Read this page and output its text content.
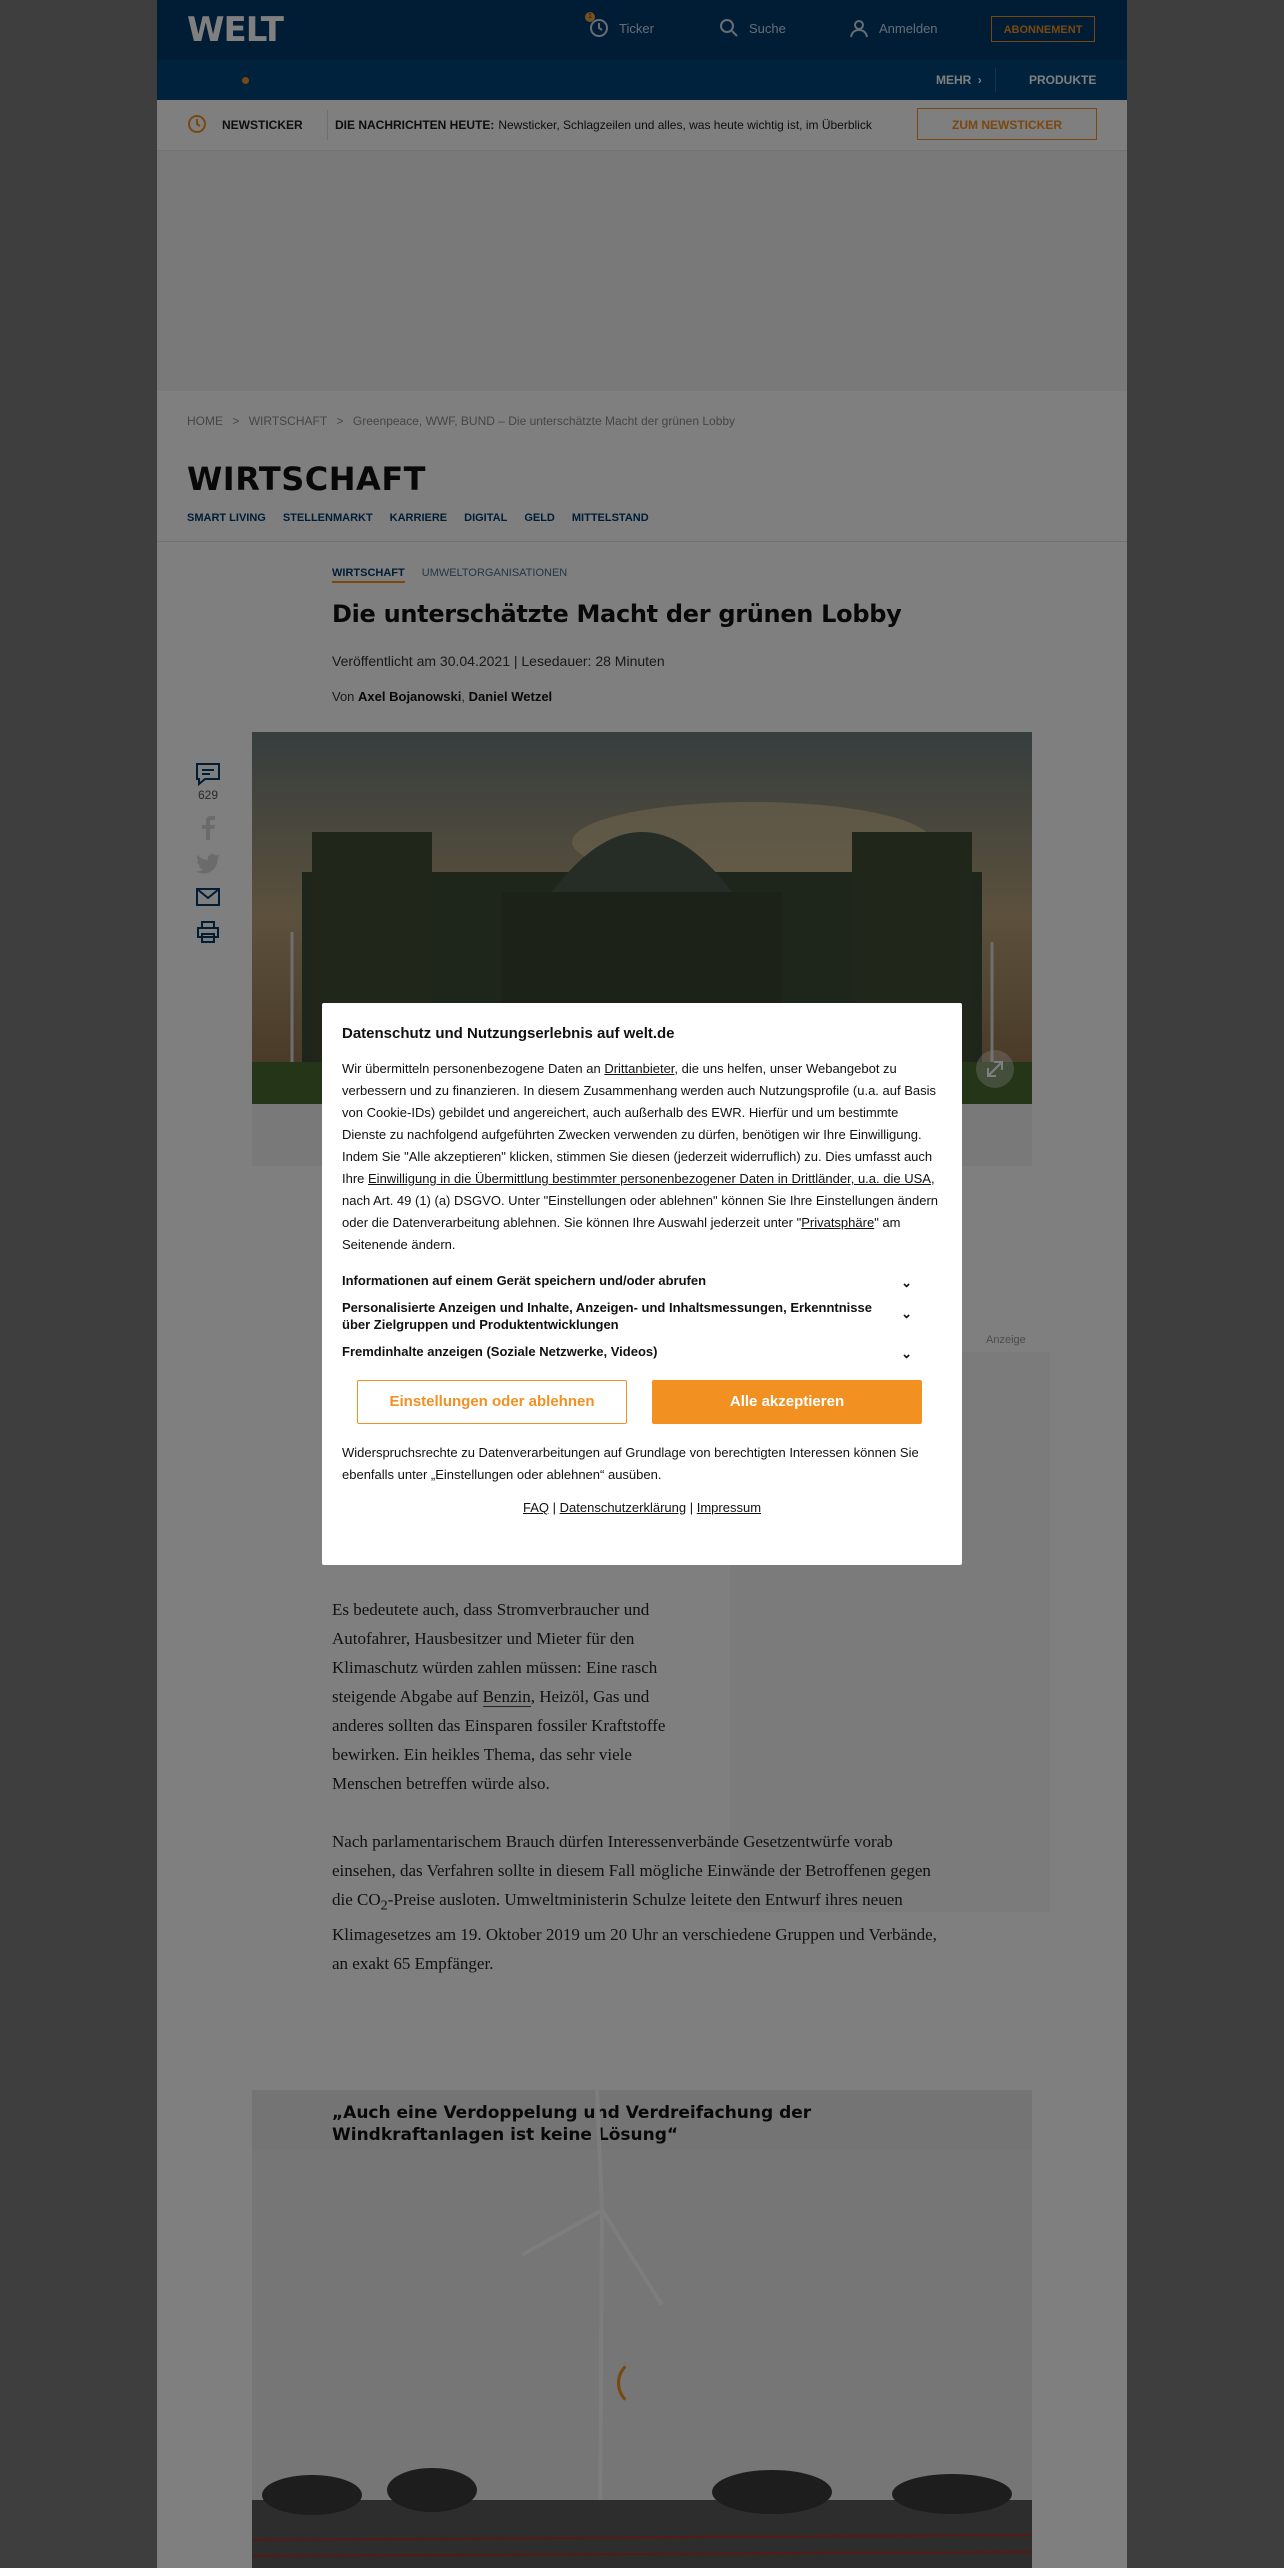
Datenschutz und Nutzungserlebnis auf welt.de

Wir übermitteln personenbezogene Daten an Drittanbieter, die uns helfen, unser Webangebot zu verbessern und zu finanzieren. In diesem Zusammenhang werden auch Nutzungsprofile (u.a. auf Basis von Cookie-IDs) gebildet und angereichert, auch außerhalb des EWR. Hierfür und um bestimmte Dienste zu nachfolgend aufgeführten Zwecken verwenden zu dürfen, benötigen wir Ihre Einwilligung. Indem Sie "Alle akzeptieren" klicken, stimmen Sie diesen (jederzeit widerruflich) zu. Dies umfasst auch Ihre Einwilligung in die Übermittlung bestimmter personenbezogener Daten in Drittländer, u.a. die USA, nach Art. 49 (1) (a) DSGVO. Unter "Einstellungen oder ablehnen" können Sie Ihre Einstellungen ändern oder die Datenverarbeitung ablehnen. Sie können Ihre Auswahl jederzeit unter "Privatsphäre" am Seitenende ändern.

Informationen auf einem Gerät speichern und/oder abrufen	⌄
Personalisierte Anzeigen und Inhalte, Anzeigen- und Inhaltsmessungen, Erkenntnisse über Zielgruppen und Produktentwicklungen
⌄
Fremdinhalte anzeigen (Soziale Netzwerke, Videos)	⌄
Einstellungen oder ablehnen	Alle akzeptieren
Widerspruchsrechte zu Datenverarbeitungen auf Grundlage von berechtigten Interessen können Sie ebenfalls unter „Einstellungen oder ablehnen“ ausüben.
FAQ | Datenschutzerklärung | Impressum
